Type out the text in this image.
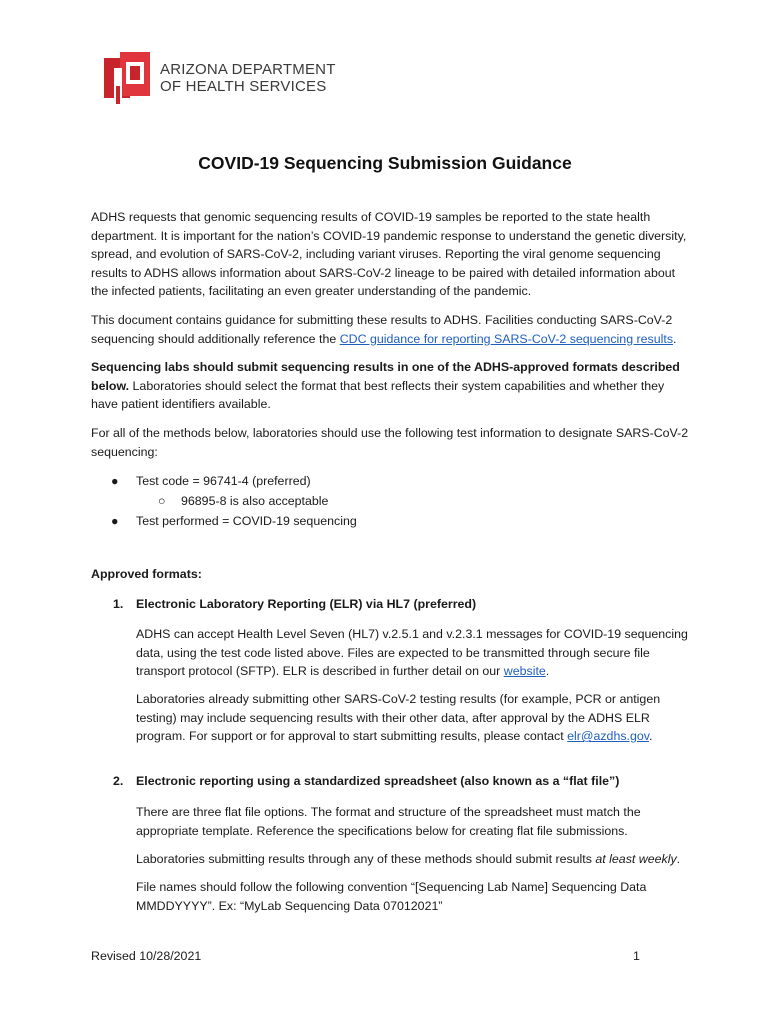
ARIZONA DEPARTMENT
OF HEALTH SERVICES
COVID-19 Sequencing Submission Guidance

ADHS requests that genomic sequencing results of COVID-19 samples be reported to the state health department. It is important for the nation’s COVID-19 pandemic response to understand the genetic diversity, spread, and evolution of SARS-CoV-2, including variant viruses. Reporting the viral genome sequencing results to ADHS allows information about SARS-CoV-2 lineage to be paired with detailed information about the infected patients, facilitating an even greater understanding of the pandemic.

This document contains guidance for submitting these results to ADHS. Facilities conducting SARS-CoV-2 sequencing should additionally reference the CDC guidance for reporting SARS-CoV-2 sequencing results.

Sequencing labs should submit sequencing results in one of the ADHS-approved formats described below. Laboratories should select the format that best reflects their system capabilities and whether they have patient identifiers available.

For all of the methods below, laboratories should use the following test information to designate SARS-CoV-2 sequencing:

● Test code = 96741-4 (preferred)
○ 96895-8 is also acceptable
● Test performed = COVID-19 sequencing
Approved formats:
1. Electronic Laboratory Reporting (ELR) via HL7 (preferred)

ADHS can accept Health Level Seven (HL7) v.2.5.1 and v.2.3.1 messages for COVID-19 sequencing data, using the test code listed above. Files are expected to be transmitted through secure file transport protocol (SFTP). ELR is described in further detail on our website.

Laboratories already submitting other SARS-CoV-2 testing results (for example, PCR or antigen testing) may include sequencing results with their other data, after approval by the ADHS ELR program. For support or for approval to start submitting results, please contact elr@azdhs.gov.

2. Electronic reporting using a standardized spreadsheet (also known as a “flat file”)

There are three flat file options. The format and structure of the spreadsheet must match the appropriate template. Reference the specifications below for creating flat file submissions.

Laboratories submitting results through any of these methods should submit results at least weekly.

File names should follow the following convention “[Sequencing Lab Name] Sequencing Data MMDDYYYY”. Ex: “MyLab Sequencing Data 07012021”

Revised 10/28/2021	1
